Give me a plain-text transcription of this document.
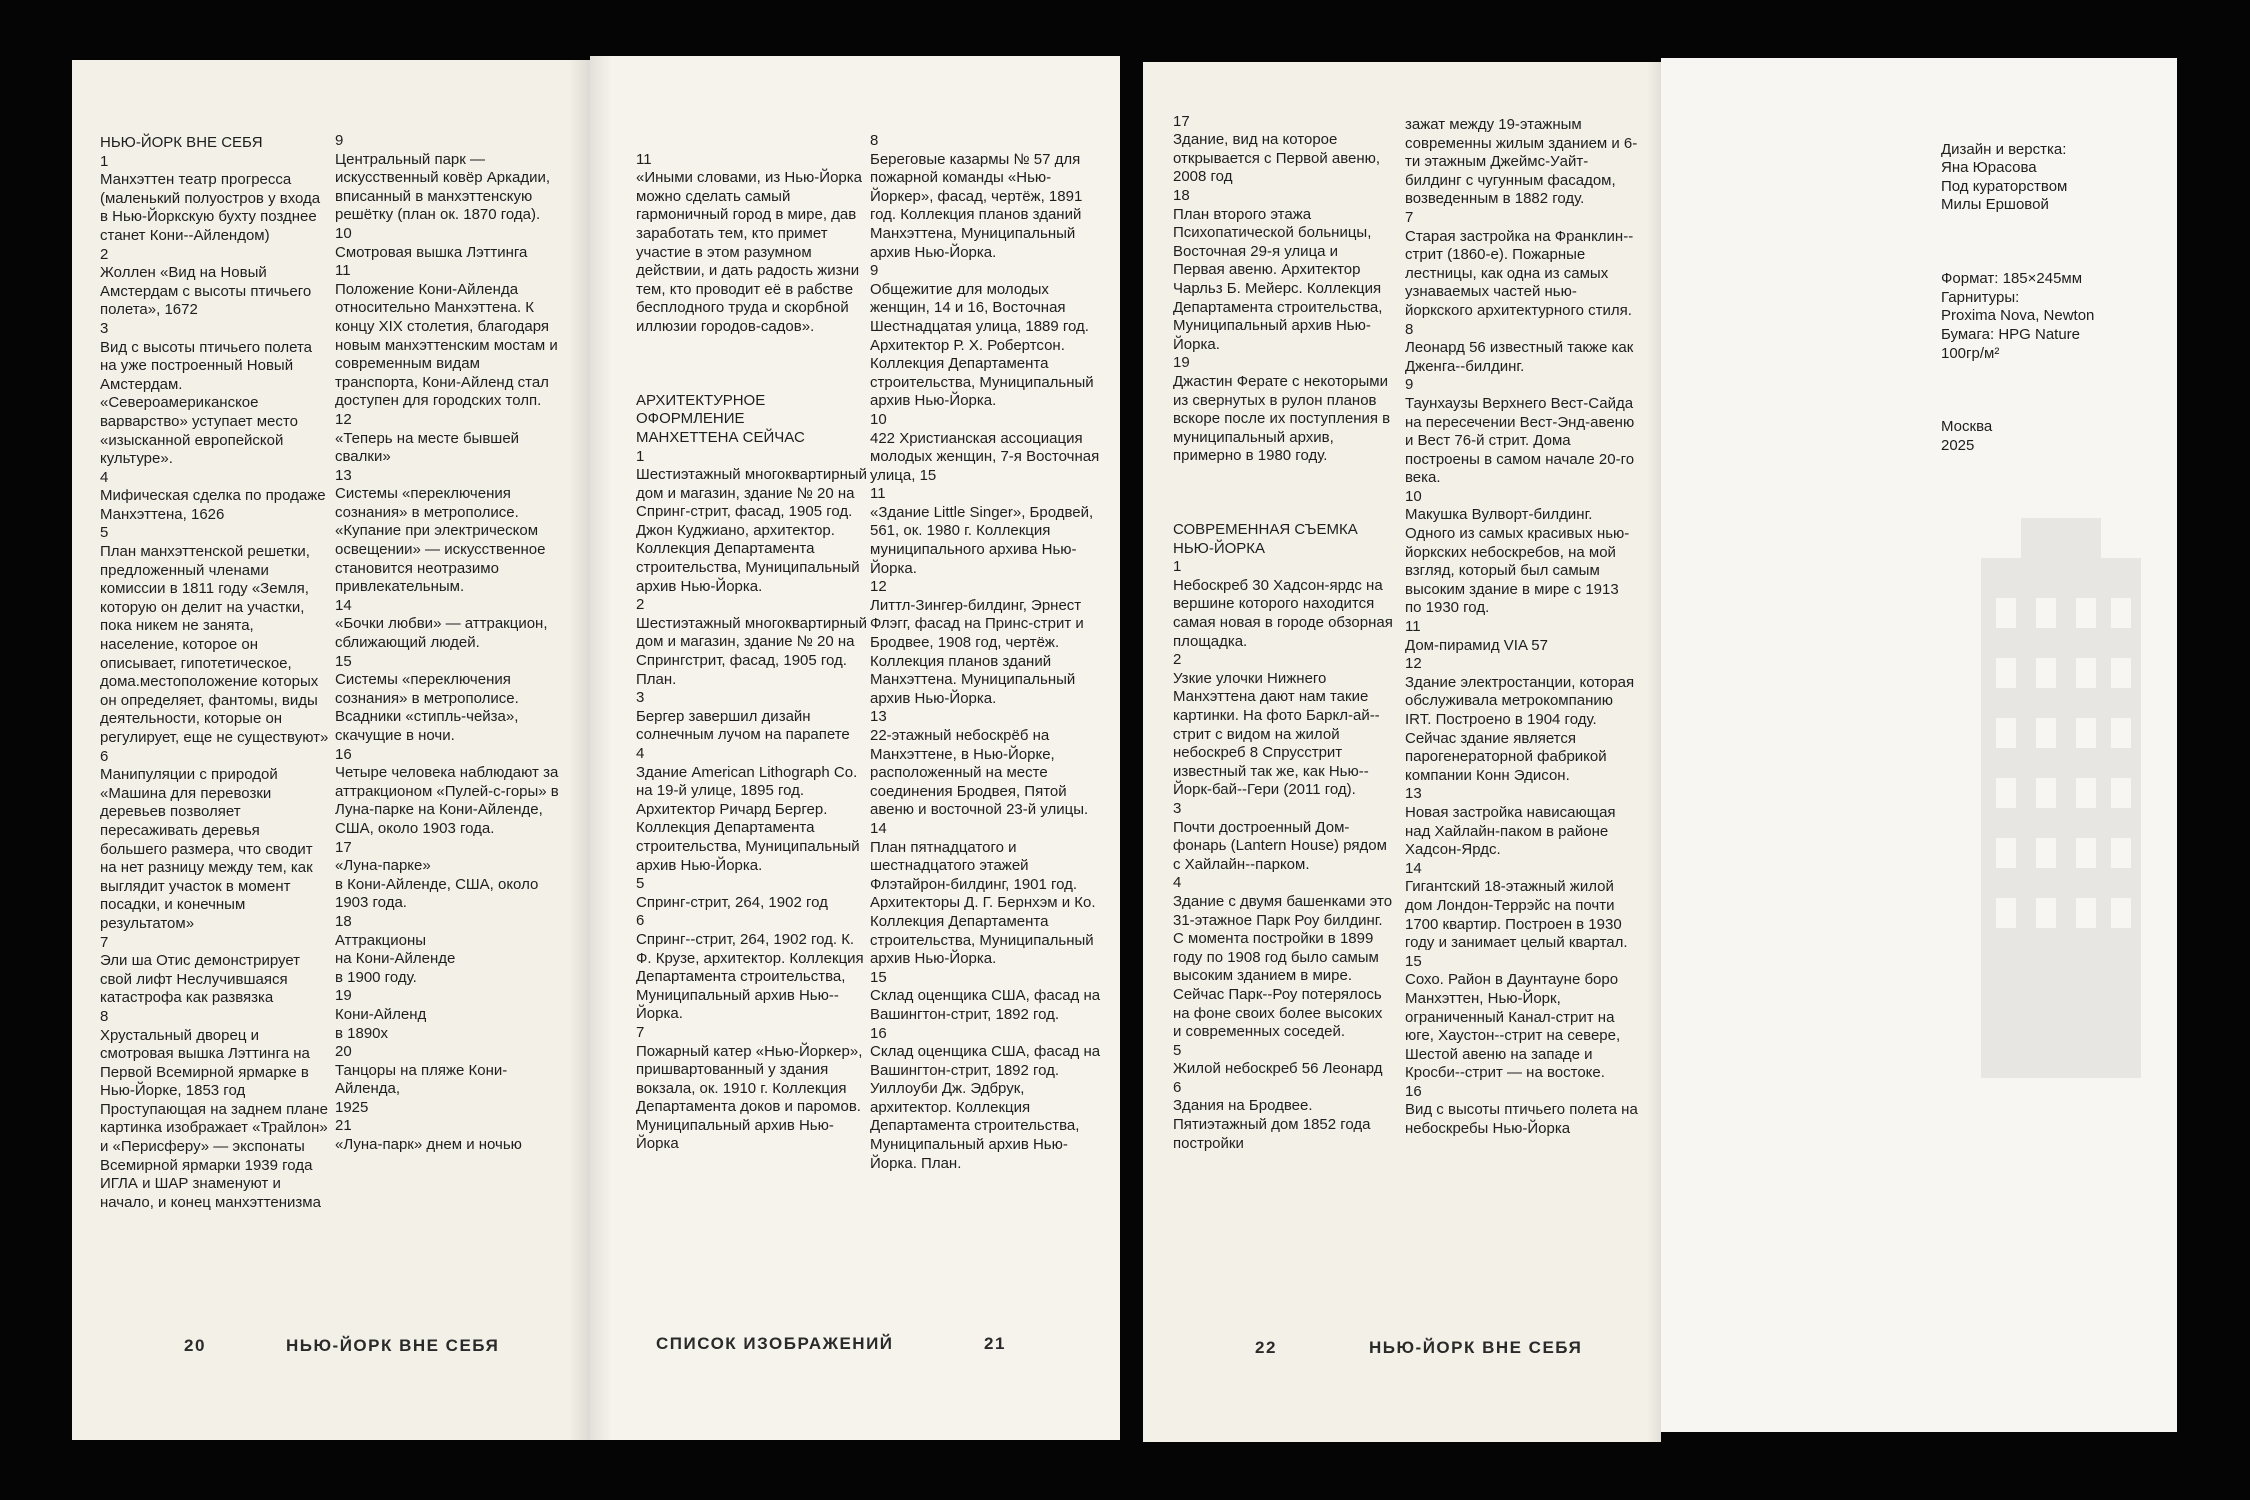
НЬЮ-ЙОРК ВНЕ СЕБЯ
1
Манхэттен театр прогресса (маленький полуостров у входа в Нью-Йоркскую бухту позднее станет Кони--Айлендом)
2
Жоллен «Вид на Новый Амстердам с высоты птичьего полета», 1672
3
Вид с высоты птичьего полета на уже построенный Новый Амстердам. «Североамериканское варварство» уступает место «изысканной европейской культуре».
4
Мифическая сделка по продаже Манхэттена, 1626
5
План манхэттенской решетки, предложенный членами комиссии в 1811 году «Земля, которую он делит на участки, пока никем не занята, население, которое он описывает, гипотетическое, дома.местоположение которых он определяет, фантомы, виды деятельности, которые он регулирует, еще не существуют»
6
Манипуляции с природой «Машина для перевозки деревьев позволяет пересаживать деревья большего размера, что сводит на нет разницу между тем, как выглядит участок в момент посадки, и конечным результатом»
7
Эли ша Отис демонстрирует свой лифт Неслучившаяся катастрофа как развязка
8
Хрустальный дворец и смотровая вышка Лэттинга на Первой Всемирной ярмарке в Нью-Йорке, 1853 год Проступающая на заднем плане картинка изображает «Трайлон» и «Перисферу» — экспонаты Всемирной ярмарки 1939 года ИГЛА и ШАР знаменуют и начало, и конец манхэттенизма
9
Центральный парк — искусственный ковёр Аркадии, вписанный в манхэттенскую решётку (план ок. 1870 года).
10
Смотровая вышка Лэттинга
11
Положение Кони-Айленда относительно Манхэттена. К концу XIX столетия, благодаря новым манхэттенским мостам и современным видам транспорта, Кони-Айленд стал доступен для городских толп.
12
«Теперь на месте бывшей свалки»
13
Системы «переключения сознания» в метрополисе. «Купание при электрическом освещении» — искусственное становится неотразимо привлекательным.
14
«Бочки любви» — аттракцион, сближающий людей.
15
Системы «переключения сознания» в метрополисе. Всадники «стипль-чейза», скачущие в ночи.
16
Четыре человека наблюдают за аттракционом «Пулей-с-горы» в Луна-парке на Кони-Айленде, США, около 1903 года.
17
«Луна-парке»
в Кони-Айленде, США, около 1903 года.
18
Аттракционы
на Кони-Айленде
в 1900 году.
19
Кони-Айленд
в 1890х
20
Танцоры на пляже Кони-Айленда,
1925
21
«Луна-парк» днем и ночью
20	НЬЮ-ЙОРК ВНЕ СЕБЯ

11
«Иными словами, из Нью-Йорка можно сделать самый гармоничный город в мире, дав заработать тем, кто примет участие в этом разумном действии, и дать радость жизни тем, кто проводит её в рабстве бесплодного труда и скорбной иллюзии городов-садов».

АРХИТЕКТУРНОЕ
ОФОРМЛЕНИЕ
МАНХЕТТЕНА СЕЙЧАС
1
Шестиэтажный многоквартирный дом и магазин, здание № 20 на Спринг-стрит, фасад, 1905 год. Джон Куджиано, архитектор. Коллекция Департамента строительства, Муниципальный архив Нью-Йорка.
2
Шестиэтажный многоквартирный дом и магазин, здание № 20 на Спрингстрит, фасад, 1905 год. План.
3
Бергер завершил дизайн солнечным лучом на парапете
4
Здание American Lithograph Co. на 19-й улице, 1895 год. Архитектор Ричард Бергер. Коллекция Департамента строительства, Муниципальный архив Нью-Йорка.
5
Спринг-стрит, 264, 1902 год
6
Спринг--стрит, 264, 1902 год. К. Ф. Крузе, архитектор. Коллекция Департамента строительства, Муниципальный архив Нью--Йорка.
7
Пожарный катер «Нью-Йоркер», пришвартованный у здания вокзала, ок. 1910 г. Коллекция Департамента доков и паромов. Муниципальный архив Нью-Йорка

8
Береговые казармы № 57 для пожарной команды «Нью-Йоркер», фасад, чертёж, 1891 год. Коллекция планов зданий Манхэттена, Муниципальный архив Нью-Йорка.
9
Общежитие для молодых женщин, 14 и 16, Восточная Шестнадцатая улица, 1889 год. Архитектор Р. Х. Робертсон. Коллекция Департамента строительства, Муниципальный архив Нью-Йорка.
10
422 Христианская ассоциация молодых женщин, 7-я Восточная улица, 15
11
«Здание Little Singer», Бродвей, 561, ок. 1980 г. Коллекция муниципального архива Нью-Йорка.
12
Литтл-Зингер-билдинг, Эрнест Флэгг, фасад на Принс-стрит и Бродвее, 1908 год, чертёж. Коллекция планов зданий Манхэттена. Муниципальный архив Нью-Йорка.
13
22-этажный небоскрёб на Манхэттене, в Нью-Йорке, расположенный на месте соединения Бродвея, Пятой авеню и восточной 23-й улицы.
14
План пятнадцатого и шестнадцатого этажей Флэтайрон-билдинг, 1901 год. Архитекторы Д. Г. Бернхэм и Ко. Коллекция Департамента строительства, Муниципальный архив Нью-Йорка.
15
Склад оценщика США, фасад на Вашингтон-стрит, 1892 год.
16
Склад оценщика США, фасад на Вашингтон-стрит, 1892 год. Уиллоуби Дж. Эдбрук, архитектор. Коллекция Департамента строительства, Муниципальный архив Нью-Йорка. План.
СПИСОК ИЗОБРАЖЕНИЙ	21

17
Здание, вид на которое открывается с Первой авеню, 2008 год
18
План второго этажа Психопатической больницы, Восточная 29-я улица и Первая авеню. Архитектор Чарльз Б. Мейерс. Коллекция Департамента строительства, Муниципальный архив Нью-Йорка.
19
Джастин Ферате с некоторыми из свернутых в рулон планов вскоре после их поступления в муниципальный архив, примерно в 1980 году.

СОВРЕМЕННАЯ СЪЕМКА
НЬЮ-ЙОРКА
1
Небоскреб 30 Хадсон-ярдс на вершине которого находится самая новая в городе обзорная площадка.
2
Узкие улочки Нижнего Манхэттена дают нам такие картинки. На фото Баркл-ай--стрит с видом на жилой небоскреб 8 Спрусстрит известный так же, как Нью--Йорк-бай--Гери (2011 год).
3
Почти достроенный Дом-фонарь (Lantern House) рядом с Хайлайн--парком.
4
Здание с двумя башенками это 31-этажное Парк Роу билдинг. С момента постройки в 1899 году по 1908 год было самым высоким зданием в мире. Сейчас Парк--Роу потерялось на фоне своих более высоких и современных соседей.
5
Жилой небоскреб 56 Леонард
6
Здания на Бродвее. Пятиэтажный дом 1852 года постройки

зажат между 19-этажным современны жилым зданием и 6-ти этажным Джеймс-Уайт-билдинг с чугунным фасадом, возведенным в 1882 году.
7
Старая застройка на Франклин--стрит (1860-е). Пожарные лестницы, как одна из самых узнаваемых частей нью-йоркского архитектурного стиля.
8
Леонард 56 известный также как Дженга--билдинг.
9
Таунхаузы Верхнего Вест-Сайда на пересечении Вест-Энд-авеню и Вест 76-й стрит. Дома построены в самом начале 20-го века.
10
Макушка Вулворт-билдинг. Одного из самых красивых нью-йоркских небоскребов, на мой взгляд, который был самым высоким здание в мире с 1913 по 1930 год.
11
Дом-пирамид VIA 57
12
Здание электростанции, которая обслуживала метрокомпанию IRT. Построено в 1904 году. Сейчас здание является парогенераторной фабрикой компании Конн Эдисон.
13
Новая застройка нависающая над Хайлайн-паком в районе Хадсон-Ярдс.
14
Гигантский 18-этажный жилой дом Лондон-Террэйс на почти 1700 квартир. Построен в 1930 году и занимает целый квартал.
15
Сохо. Район в Даунтауне боро Манхэттен, Нью-Йорк, ограниченный Канал-стрит на юге, Хаустон--стрит на севере, Шестой авеню на западе и Кросби--стрит — на востоке.
16
Вид с высоты птичьего полета на небоскребы Нью-Йорка
22	НЬЮ-ЙОРК ВНЕ СЕБЯ

Дизайн и верстка:
Яна Юрасова
Под кураторством
Милы Ершовой

Формат: 185×245мм
Гарнитуры:
Proxima Nova, Newton
Бумага: HPG Nature
100гр/м²

Москва
2025
